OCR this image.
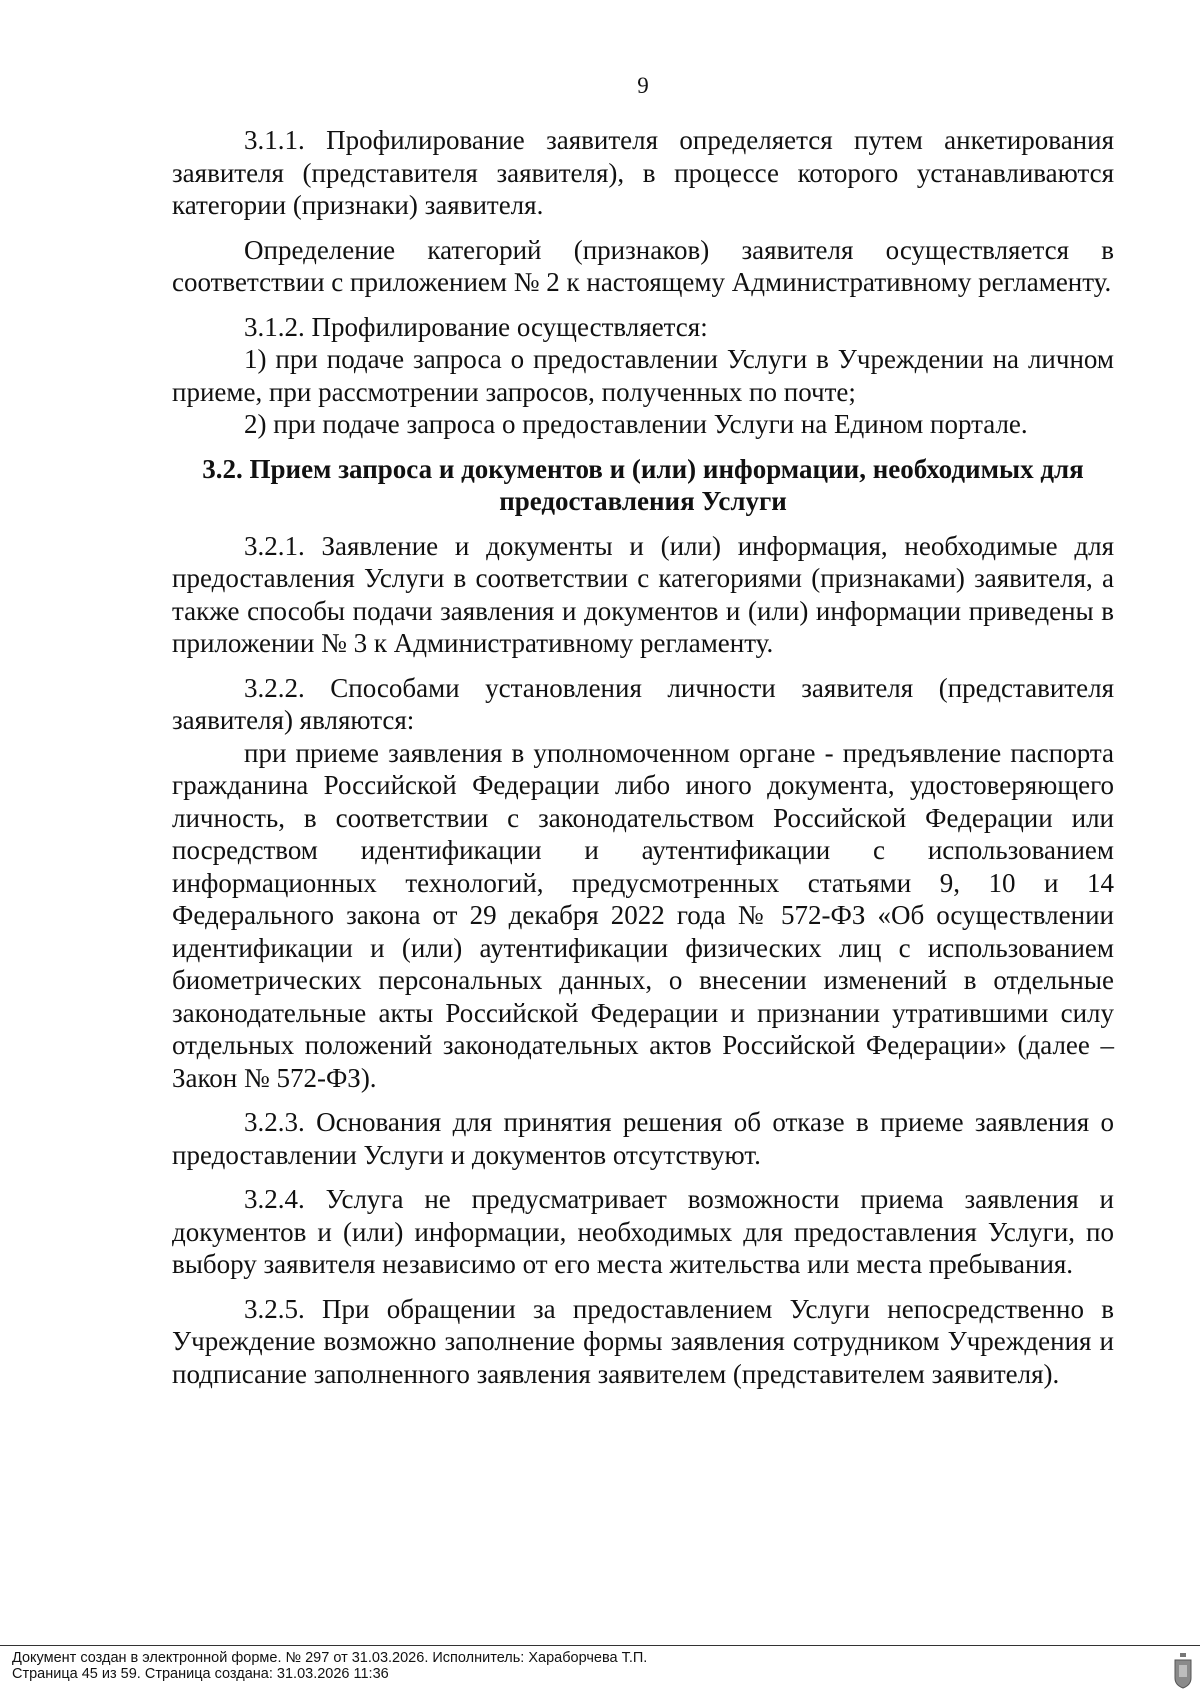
9

3.1.1. Профилирование заявителя определяется путем анкетирования заявителя (представителя заявителя), в процессе которого устанавливаются категории (признаки) заявителя.

Определение категорий (признаков) заявителя осуществляется в соответствии с приложением № 2 к настоящему Административному регламенту.

3.1.2. Профилирование осуществляется:

1) при подаче запроса о предоставлении Услуги в Учреждении на личном приеме, при рассмотрении запросов, полученных по почте;

2) при подаче запроса о предоставлении Услуги на Едином портале.

3.2. Прием запроса и документов и (или) информации, необходимых для
предоставления Услуги

3.2.1. Заявление и документы и (или) информация, необходимые для предоставления Услуги в соответствии с категориями (признаками) заявителя, а также способы подачи заявления и документов и (или) информации приведены в приложении № 3 к Административному регламенту.

3.2.2. Способами установления личности заявителя (представителя заявителя) являются:

при приеме заявления в уполномоченном органе - предъявление паспорта гражданина Российской Федерации либо иного документа, удостоверяющего личность, в соответствии с законодательством Российской Федерации или посредством идентификации и аутентификации с использованием информационных технологий, предусмотренных статьями 9, 10 и 14 Федерального закона от 29 декабря 2022 года № 572-ФЗ «Об осуществлении идентификации и (или) аутентификации физических лиц с использованием биометрических персональных данных, о внесении изменений в отдельные законодательные акты Российской Федерации и признании утратившими силу отдельных положений законодательных актов Российской Федерации» (далее – Закон № 572-ФЗ).

3.2.3. Основания для принятия решения об отказе в приеме заявления о предоставлении Услуги и документов отсутствуют.

3.2.4. Услуга не предусматривает возможности приема заявления и документов и (или) информации, необходимых для предоставления Услуги, по выбору заявителя независимо от его места жительства или места пребывания.

3.2.5. При обращении за предоставлением Услуги непосредственно в Учреждение возможно заполнение формы заявления сотрудником Учреждения и подписание заполненного заявления заявителем (представителем заявителя).

Документ создан в электронной форме. № 297 от 31.03.2026. Исполнитель: Хараборчева Т.П.
Страница 45 из 59. Страница создана: 31.03.2026 11:36
